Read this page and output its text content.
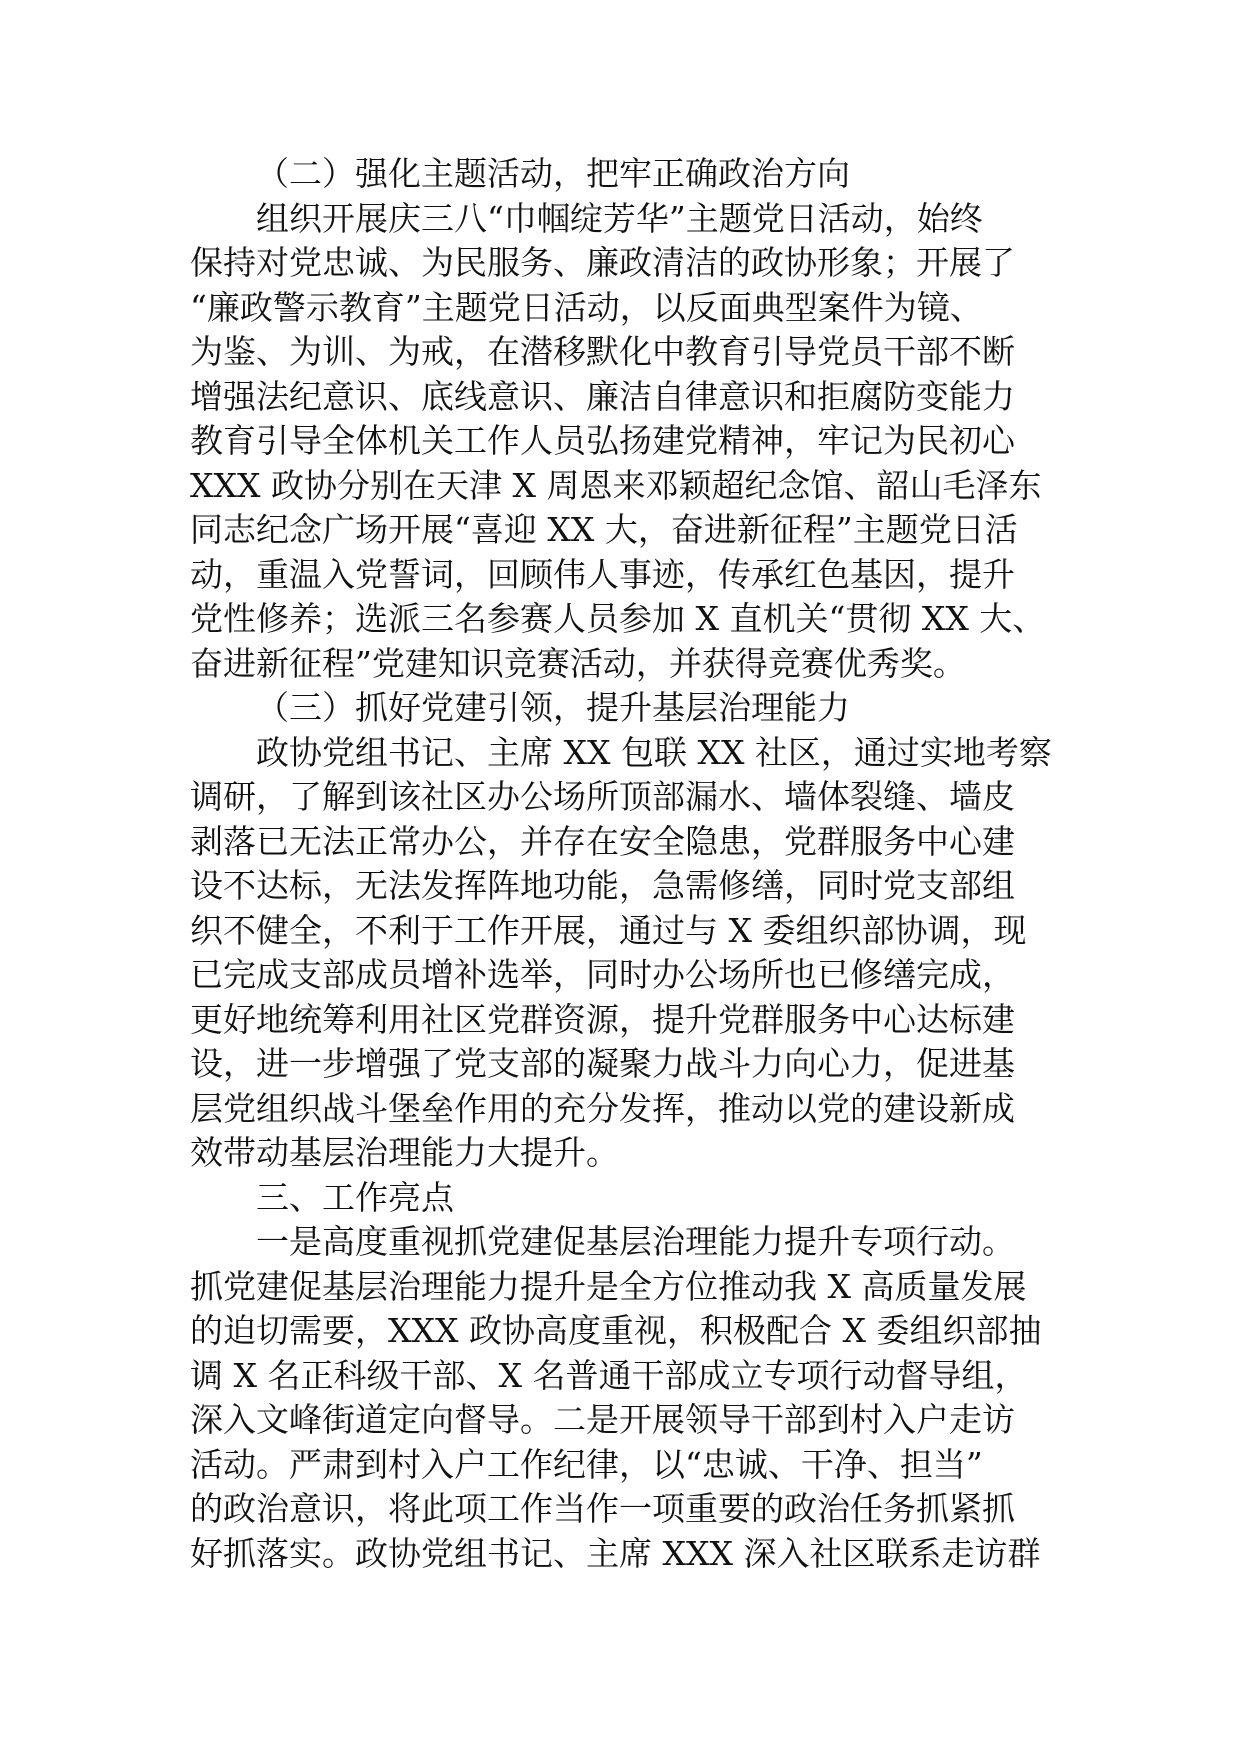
（二）强化主题活动，把牢正确政治方向
组织开展庆三八“巾帼绽芳华”主题党日活动，始终
保持对党忠诚、为民服务、廉政清洁的政协形象；开展了
“廉政警示教育”主题党日活动，以反面典型案件为镜、
为鉴、为训、为戒，在潜移默化中教育引导党员干部不断
增强法纪意识、底线意识、廉洁自律意识和拒腐防变能力
教育引导全体机关工作人员弘扬建党精神，牢记为民初心
XXX 政协分别在天津 X 周恩来邓颖超纪念馆、韶山毛泽东
同志纪念广场开展“喜迎 XX 大，奋进新征程”主题党日活
动，重温入党誓词，回顾伟人事迹，传承红色基因，提升
党性修养；选派三名参赛人员参加 X 直机关“贯彻 XX 大、
奋进新征程”党建知识竞赛活动，并获得竞赛优秀奖。
（三）抓好党建引领，提升基层治理能力
政协党组书记、主席 XX 包联 XX 社区，通过实地考察
调研，了解到该社区办公场所顶部漏水、墙体裂缝、墙皮
剥落已无法正常办公，并存在安全隐患，党群服务中心建
设不达标，无法发挥阵地功能，急需修缮，同时党支部组
织不健全，不利于工作开展，通过与 X 委组织部协调，现
已完成支部成员增补选举，同时办公场所也已修缮完成，
更好地统筹利用社区党群资源，提升党群服务中心达标建
设，进一步增强了党支部的凝聚力战斗力向心力，促进基
层党组织战斗堡垒作用的充分发挥，推动以党的建设新成
效带动基层治理能力大提升。
三、工作亮点
一是高度重视抓党建促基层治理能力提升专项行动。
抓党建促基层治理能力提升是全方位推动我 X 高质量发展
的迫切需要，XXX 政协高度重视，积极配合 X 委组织部抽
调 X 名正科级干部、X 名普通干部成立专项行动督导组，
深入文峰街道定向督导。二是开展领导干部到村入户走访
活动。严肃到村入户工作纪律，以“忠诚、干净、担当”
的政治意识，将此项工作当作一项重要的政治任务抓紧抓
好抓落实。政协党组书记、主席 XXX 深入社区联系走访群
